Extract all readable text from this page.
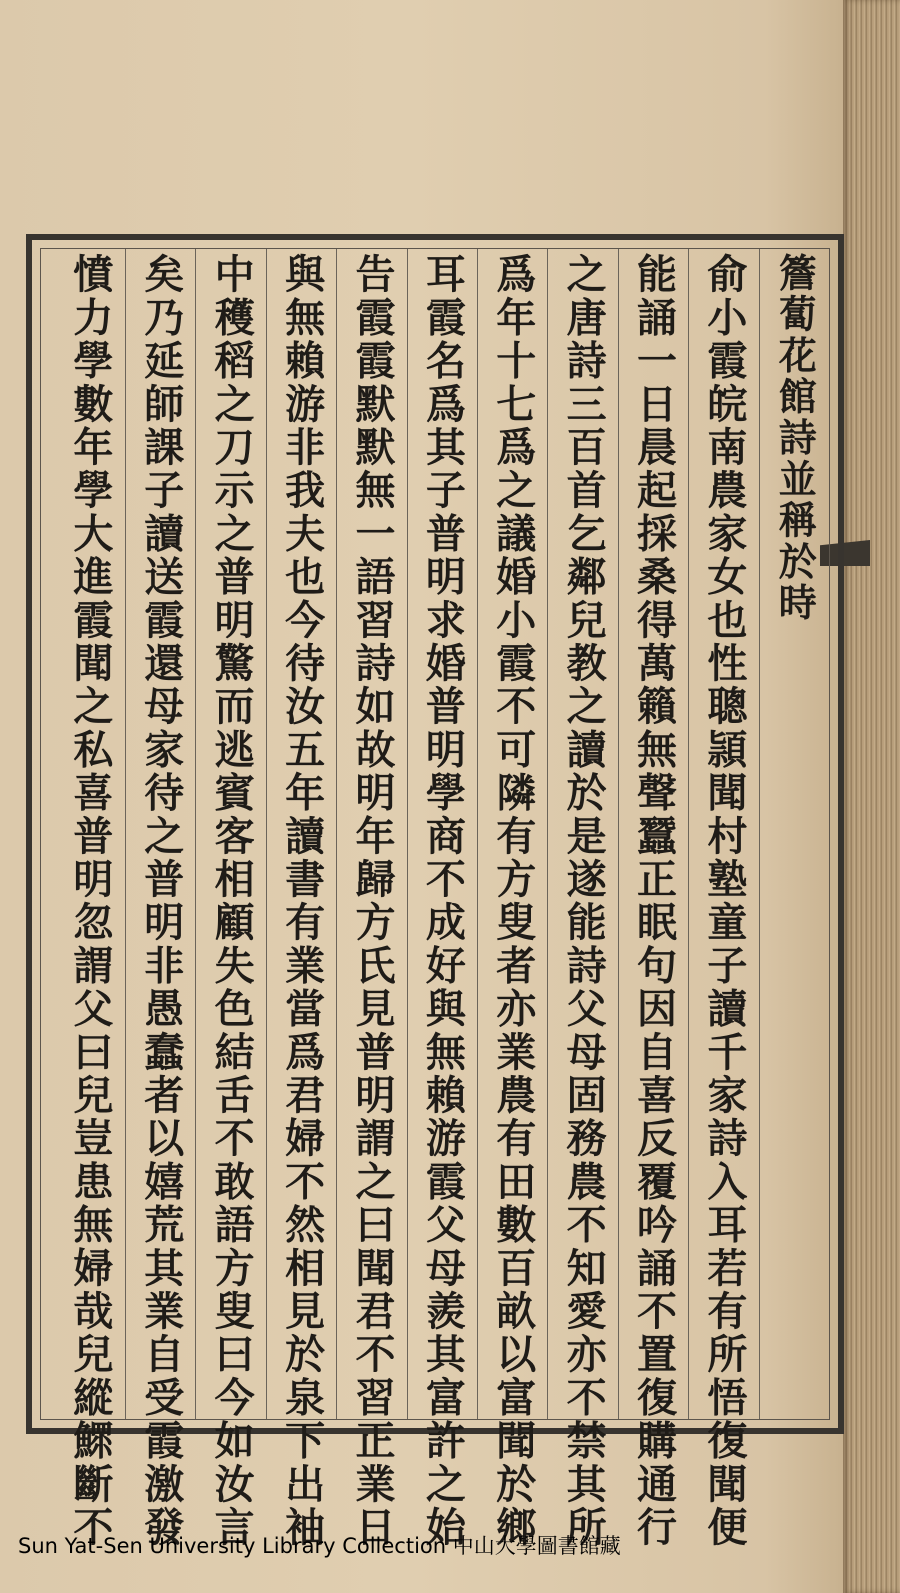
簷蔔花館詩並稱於時
俞小霞皖南農家女也性聰頴聞村塾童子讀千家詩入耳若有所悟復聞便
能誦一日晨起採桑得萬籟無聲蠶正眠句因自喜反覆吟誦不置復購通行
之唐詩三百首乞鄰兒教之讀於是遂能詩父母固務農不知愛亦不禁其所
爲年十七爲之議婚小霞不可隣有方叟者亦業農有田數百畝以富聞於鄉
耳霞名爲其子普明求婚普明學商不成好與無賴游霞父母羨其富許之始
告霞霞默默無一語習詩如故明年歸方氏見普明謂之曰聞君不習正業日
與無賴游非我夫也今待汝五年讀書有業當爲君婦不然相見於泉下出袖
中穫稻之刀示之普明驚而逃賓客相顧失色結舌不敢語方叟曰今如汝言
矣乃延師課子讀送霞還母家待之普明非愚蠢者以嬉荒其業自受霞激發
憤力學數年學大進霞聞之私喜普明忽謂父曰兒豈患無婦哉兒縱鰥斷不
Sun Yat-Sen University Library Collection 中山大學圖書館藏
